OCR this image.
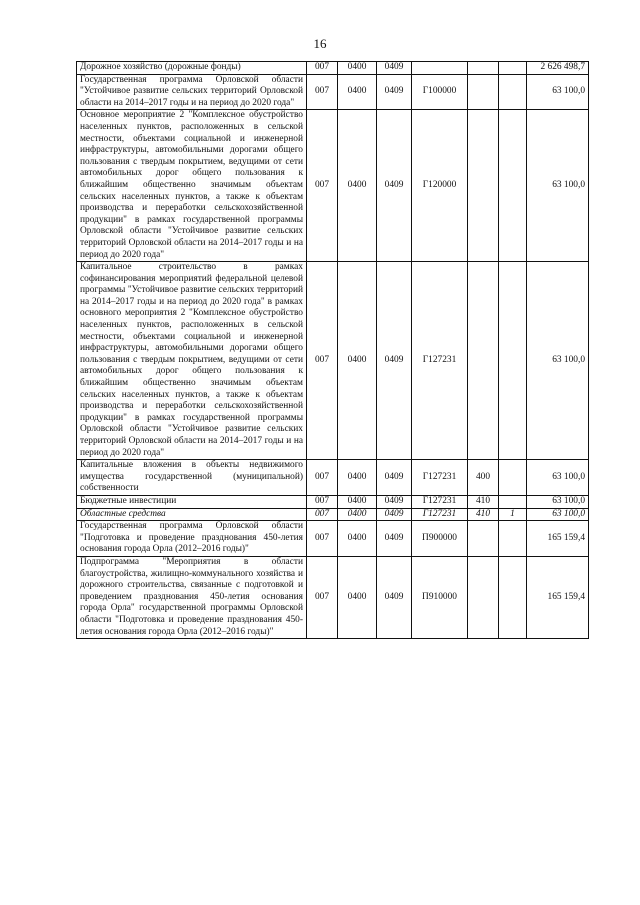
16
Дорожное хозяйство (дорожные фонды)	007	0400	0409				2 626 498,7
Государственная программа Орловской области "Устойчивое развитие сельских территорий Орловской области на 2014–2017 годы и на период до 2020 года"	007	0400	0409	Г100000			63 100,0
Основное мероприятие 2 "Комплексное обустройство населенных пунктов, расположенных в сельской местности, объектами социальной и инженерной инфраструктуры, автомобильными дорогами общего пользования с твердым покрытием, ведущими от сети автомобильных дорог общего пользования к ближайшим общественно значимым объектам сельских населенных пунктов, а также к объектам производства и переработки сельскохозяйственной продукции" в рамках государственной программы Орловской области "Устойчивое развитие сельских территорий Орловской области на 2014–2017 годы и на период до 2020 года"	007	0400	0409	Г120000			63 100,0
Капитальное строительство в рамках софинансирования мероприятий федеральной целевой программы "Устойчивое развитие сельских территорий на 2014–2017 годы и на период до 2020 года" в рамках основного мероприятия 2 "Комплексное обустройство населенных пунктов, расположенных в сельской местности, объектами социальной и инженерной инфраструктуры, автомобильными дорогами общего пользования с твердым покрытием, ведущими от сети автомобильных дорог общего пользования к ближайшим общественно значимым объектам сельских населенных пунктов, а также к объектам производства и переработки сельскохозяйственной продукции" в рамках государственной программы Орловской области "Устойчивое развитие сельских территорий Орловской области на 2014–2017 годы и на период до 2020 года"	007	0400	0409	Г127231			63 100,0
Капитальные вложения в объекты недвижимого имущества государственной (муниципальной) собственности	007	0400	0409	Г127231	400		63 100,0
Бюджетные инвестиции	007	0400	0409	Г127231	410		63 100,0
Областные средства	007	0400	0409	Г127231	410	1	63 100,0
Государственная программа Орловской области "Подготовка и проведение празднования 450-летия основания города Орла (2012–2016 годы)"	007	0400	0409	П900000			165 159,4
Подпрограмма "Мероприятия в области благоустройства, жилищно-коммунального хозяйства и дорожного строительства, связанные с подготовкой и проведением празднования 450-летия основания города Орла" государственной программы Орловской области "Подготовка и проведение празднования 450-летия основания города Орла (2012–2016 годы)"	007	0400	0409	П910000			165 159,4
